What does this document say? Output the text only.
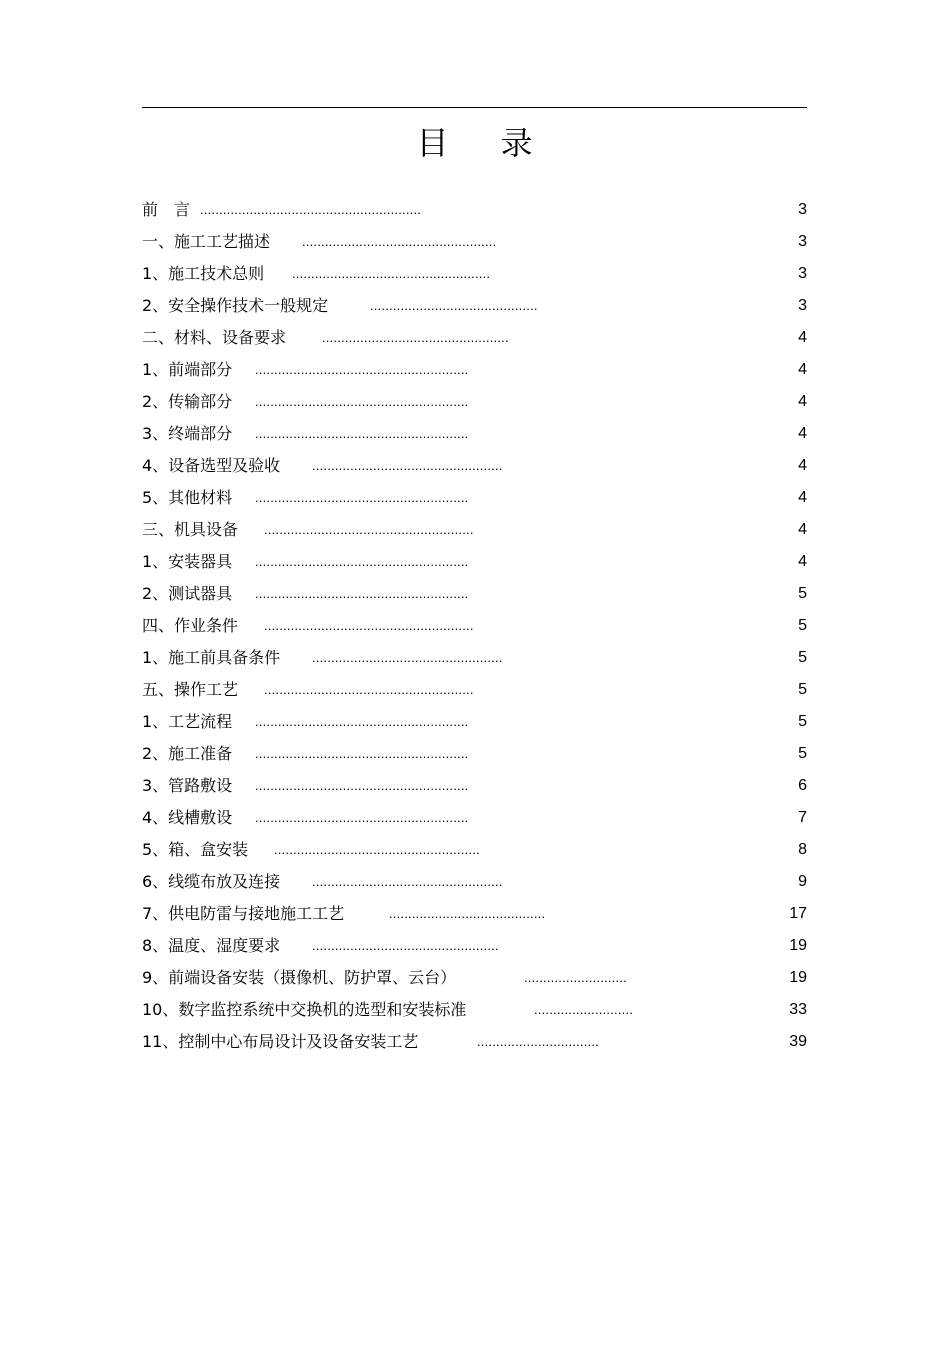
目录
前　言 ..........................................................	3
一、施工工艺描述 ...................................................	3
1、施工技术总则 ....................................................	3
2、安全操作技术一般规定	............................................	3
二、材料、设备要求	.................................................	4
1、前端部分 ........................................................	4
2、传输部分 ........................................................	4
3、终端部分 ........................................................	4
4、设备选型及验收 ..................................................	4
5、其他材料 ........................................................	4
三、机具设备 .......................................................	4
1、安装器具 ........................................................	4
2、测试器具 ........................................................	5
四、作业条件 .......................................................	5
1、施工前具备条件 ..................................................	5
五、操作工艺 .......................................................	5
1、工艺流程 ........................................................	5
2、施工准备 ........................................................	5
3、管路敷设 ........................................................	6
4、线槽敷设 ........................................................	7
5、箱、盒安装 ......................................................	8
6、线缆布放及连接 ..................................................	9
7、供电防雷与接地施工工艺	.........................................	17
8、温度、湿度要求 .................................................	19
9、前端设备安装（摄像机、防护罩、云台）	...........................	19
10、数字监控系统中交换机的选型和安装标准	..........................	33
11、控制中心布局设计及设备安装工艺	................................	39
